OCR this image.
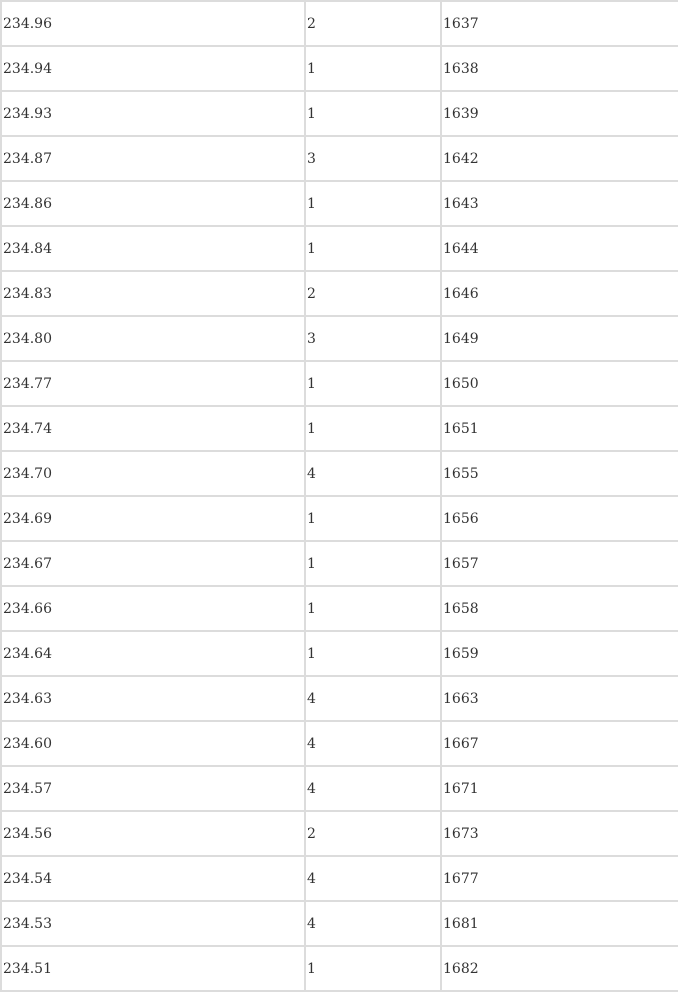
234.96	2	1637
234.94	1	1638
234.93	1	1639
234.87	3	1642
234.86	1	1643
234.84	1	1644
234.83	2	1646
234.80	3	1649
234.77	1	1650
234.74	1	1651
234.70	4	1655
234.69	1	1656
234.67	1	1657
234.66	1	1658
234.64	1	1659
234.63	4	1663
234.60	4	1667
234.57	4	1671
234.56	2	1673
234.54	4	1677
234.53	4	1681
234.51	1	1682
